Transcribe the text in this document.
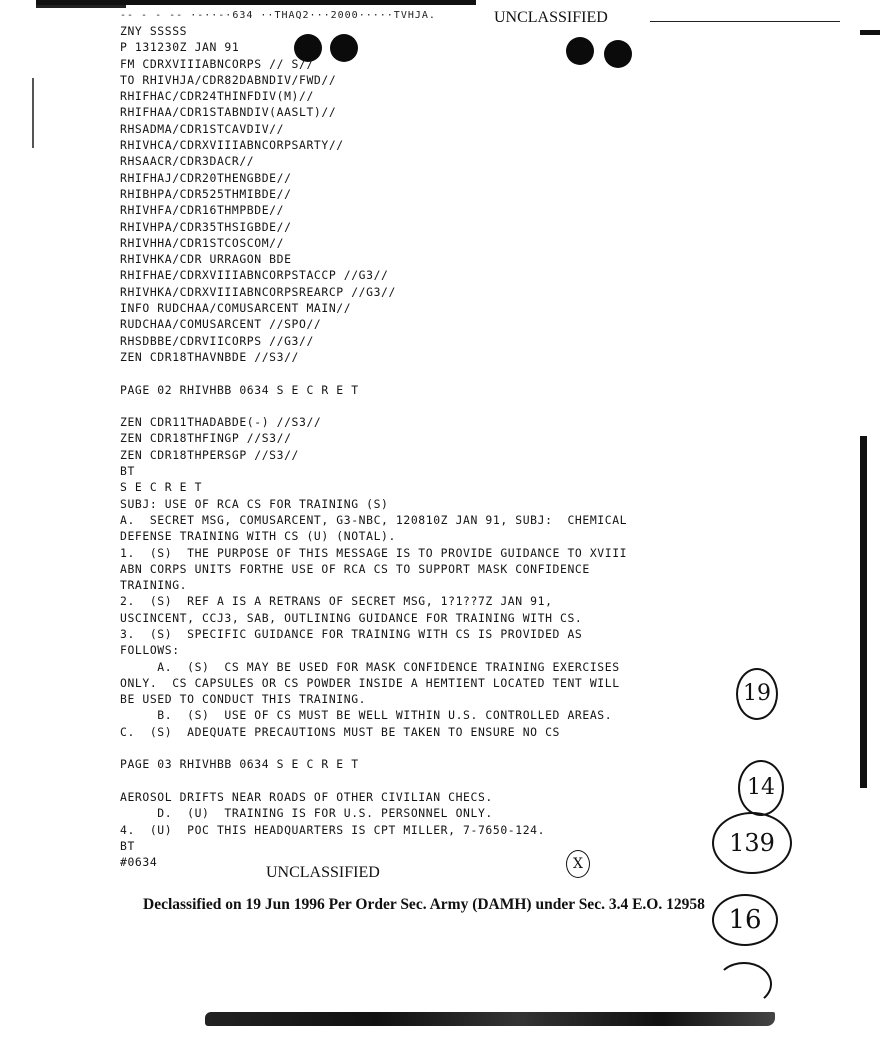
-- - - -- ·-··-·634 ··THAQ2···2000·····TVHJA.	UNCLASSIFIED
ZNY SSSSS
P 131230Z JAN 91
FM CDRXVIIIABNCORPS // S//
TO RHIVHJA/CDR82DABNDIV/FWD//
RHIFHAC/CDR24THINFDIV(M)//
RHIFHAA/CDR1STABNDIV(AASLT)//
RHSADMA/CDR1STCAVDIV//
RHIVHCA/CDRXVIIIABNCORPSARTY//
RHSAACR/CDR3DACR//
RHIFHAJ/CDR20THENGBDE//
RHIBHPA/CDR525THMIBDE//
RHIVHFA/CDR16THMPBDE//
RHIVHPA/CDR35THSIGBDE//
RHIVHHA/CDR1STCOSCOM//
RHIVHKA/CDR URRAGON BDE
RHIFHAE/CDRXVIIIABNCORPSTACCP //G3//
RHIVHKA/CDRXVIIIABNCORPSREARCP //G3//
INFO RUDCHAA/COMUSARCENT MAIN//
RUDCHAA/COMUSARCENT //SPO//
RHSDBBE/CDRVIICORPS //G3//
ZEN CDR18THAVNBDE //S3//
PAGE 02 RHIVHBB 0634 S E C R E T
ZEN CDR11THADABDE(-) //S3//
ZEN CDR18THFINGP //S3//
ZEN CDR18THPERSGP //S3//
BT
S E C R E T
SUBJ: USE OF RCA CS FOR TRAINING (S)
A.  SECRET MSG, COMUSARCENT, G3-NBC, 120810Z JAN 91, SUBJ:  CHEMICAL
DEFENSE TRAINING WITH CS (U) (NOTAL).
1.  (S)  THE PURPOSE OF THIS MESSAGE IS TO PROVIDE GUIDANCE TO XVIII
ABN CORPS UNITS FORTHE USE OF RCA CS TO SUPPORT MASK CONFIDENCE
TRAINING.
2.  (S)  REF A IS A RETRANS OF SECRET MSG, 1?1??7Z JAN 91,
USCINCENT, CCJ3, SAB, OUTLINING GUIDANCE FOR TRAINING WITH CS.
3.  (S)  SPECIFIC GUIDANCE FOR TRAINING WITH CS IS PROVIDED AS
FOLLOWS:
A.  (S)  CS MAY BE USED FOR MASK CONFIDENCE TRAINING EXERCISES
ONLY.  CS CAPSULES OR CS POWDER INSIDE A HEMTIENT LOCATED TENT WILL
BE USED TO CONDUCT THIS TRAINING.
B.  (S)  USE OF CS MUST BE WELL WITHIN U.S. CONTROLLED AREAS.
C.  (S)  ADEQUATE PRECAUTIONS MUST BE TAKEN TO ENSURE NO CS
PAGE 03 RHIVHBB 0634 S E C R E T
AEROSOL DRIFTS NEAR ROADS OF OTHER CIVILIAN CHECS.
D.  (U)  TRAINING IS FOR U.S. PERSONNEL ONLY.
4.  (U)  POC THIS HEADQUARTERS IS CPT MILLER, 7-7650-124.
BT
#0634
UNCLASSIFIED
Declassified on 19 Jun 1996 Per Order Sec. Army (DAMH) under Sec. 3.4 E.O. 12958
19
14
139
X
16
